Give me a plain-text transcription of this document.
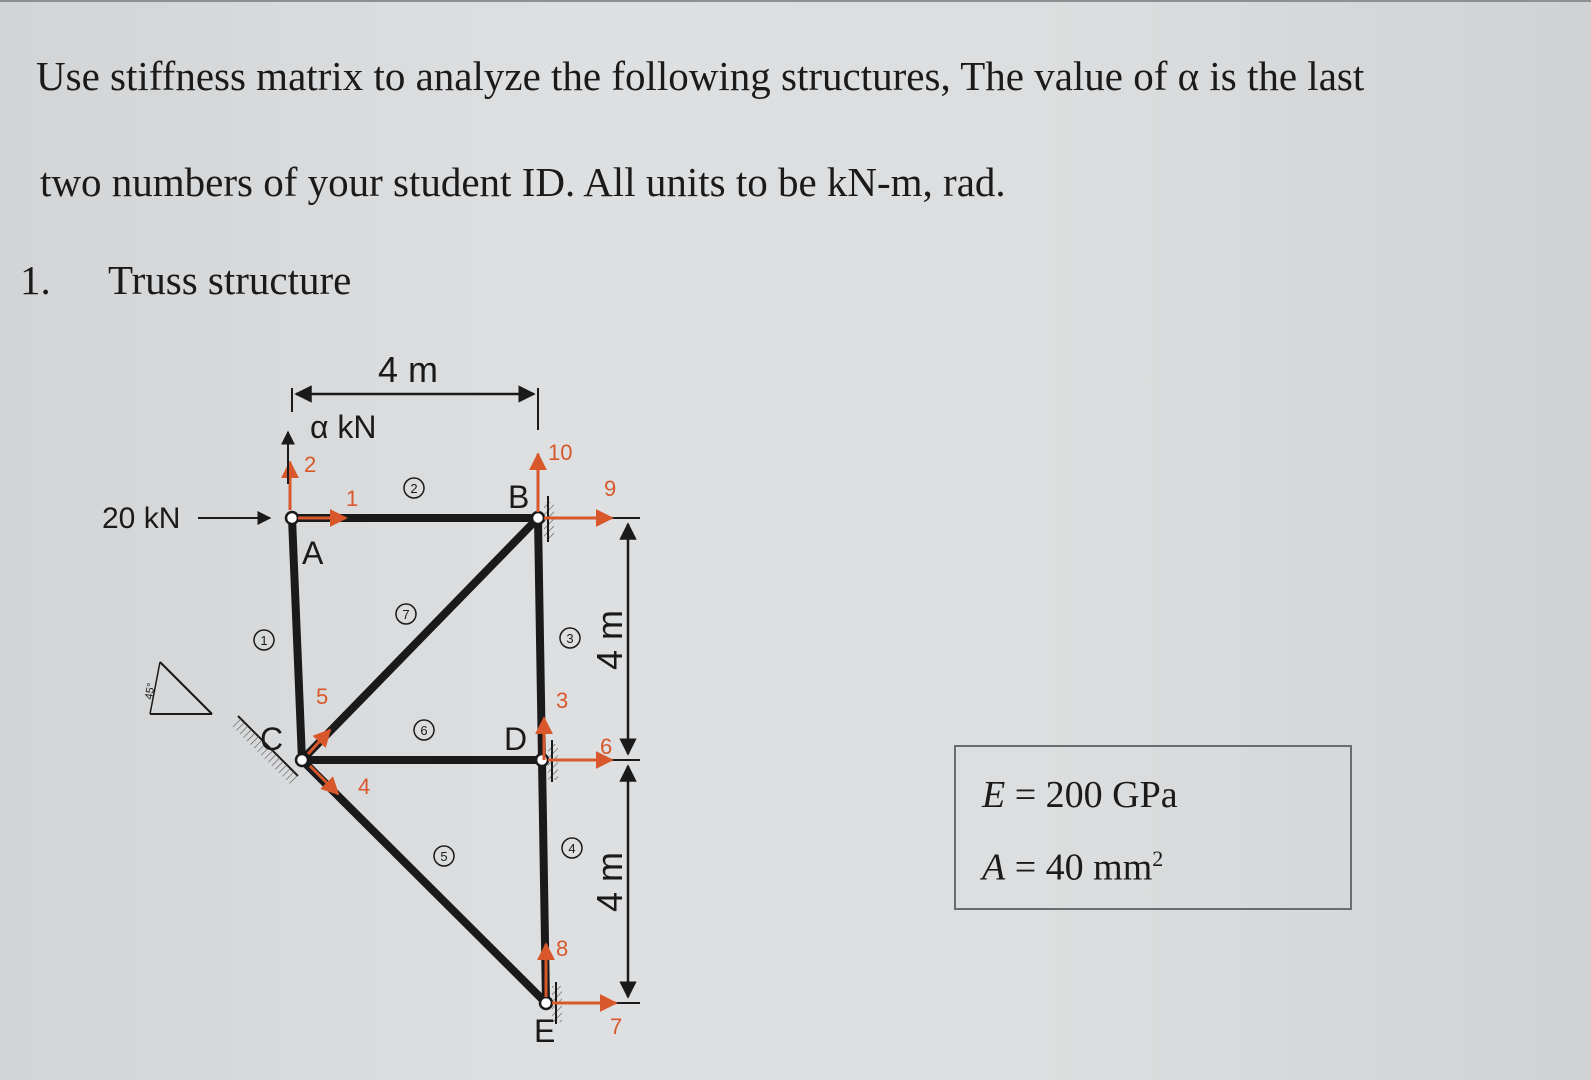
Use stiffness matrix to analyze the following structures, The value of α is the last

two numbers of your student ID. All units to be kN-m, rad.

1. Truss structure
4 m
4 m
4 m
45°
A
B
C	D
E
1
2
3
4
5
6
7
1
2
3
4
5
6
7
8
9
10
α kN
20 kN
E = 200 GPa
A = 40 $mm^2$
